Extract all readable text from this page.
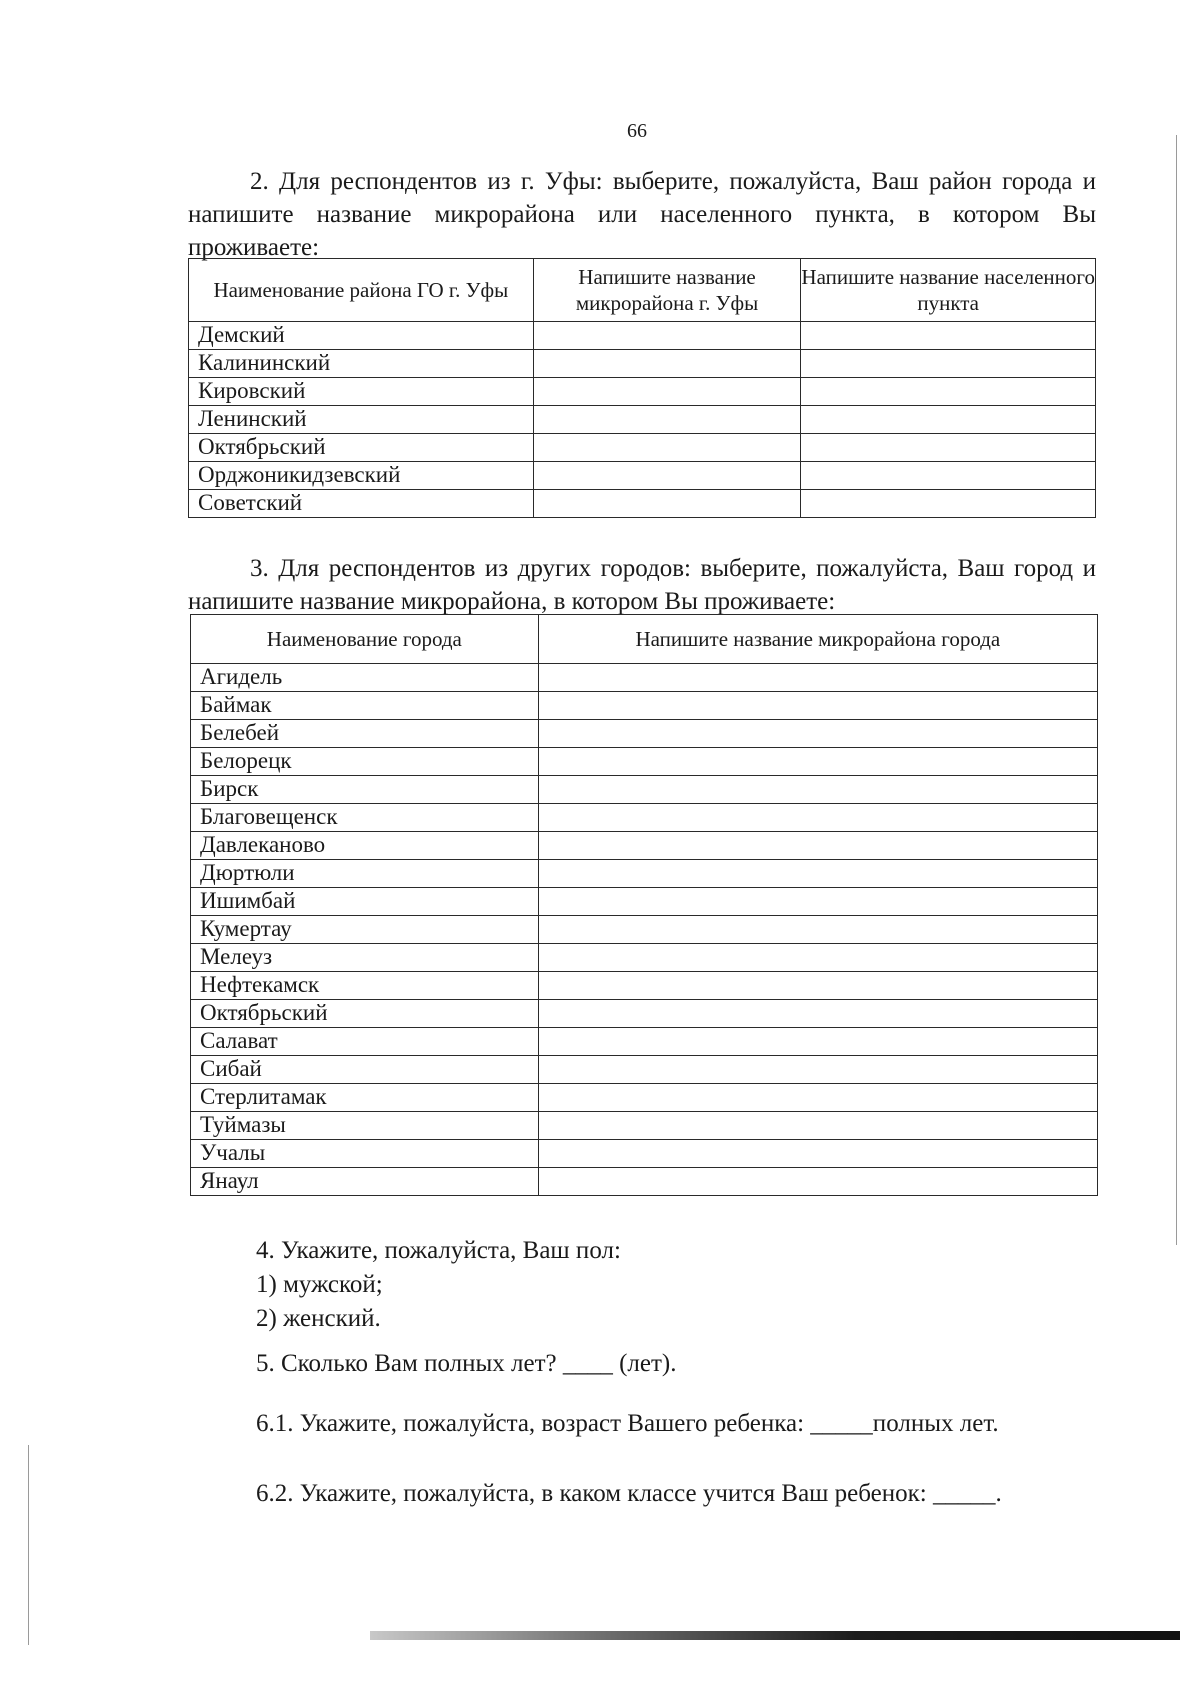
66
2. Для респондентов из г. Уфы: выберите, пожалуйста, Ваш район города и напишите название микрорайона или населенного пункта, в котором Вы проживаете:
Наименование района ГО г. Уфы	Напишите название микрорайона г. Уфы	Напишите название населенного пункта
Демский		
Калининский		
Кировский		
Ленинский		
Октябрьский		
Орджоникидзевский		
Советский		
3. Для респондентов из других городов: выберите, пожалуйста, Ваш город и напишите название микрорайона, в котором Вы проживаете:
Наименование города	Напишите название микрорайона города
Агидель	
Баймак	
Белебей	
Белорецк	
Бирск	
Благовещенск	
Давлеканово	
Дюртюли	
Ишимбай	
Кумертау	
Мелеуз	
Нефтекамск	
Октябрьский	
Салават	
Сибай	
Стерлитамак	
Туймазы	
Учалы	
Янаул	
4. Укажите, пожалуйста, Ваш пол:
1) мужской;
2) женский.
5. Сколько Вам полных лет? ____ (лет).
6.1. Укажите, пожалуйста, возраст Вашего ребенка: _____полных лет.
6.2. Укажите, пожалуйста, в каком классе учится Ваш ребенок: _____.
